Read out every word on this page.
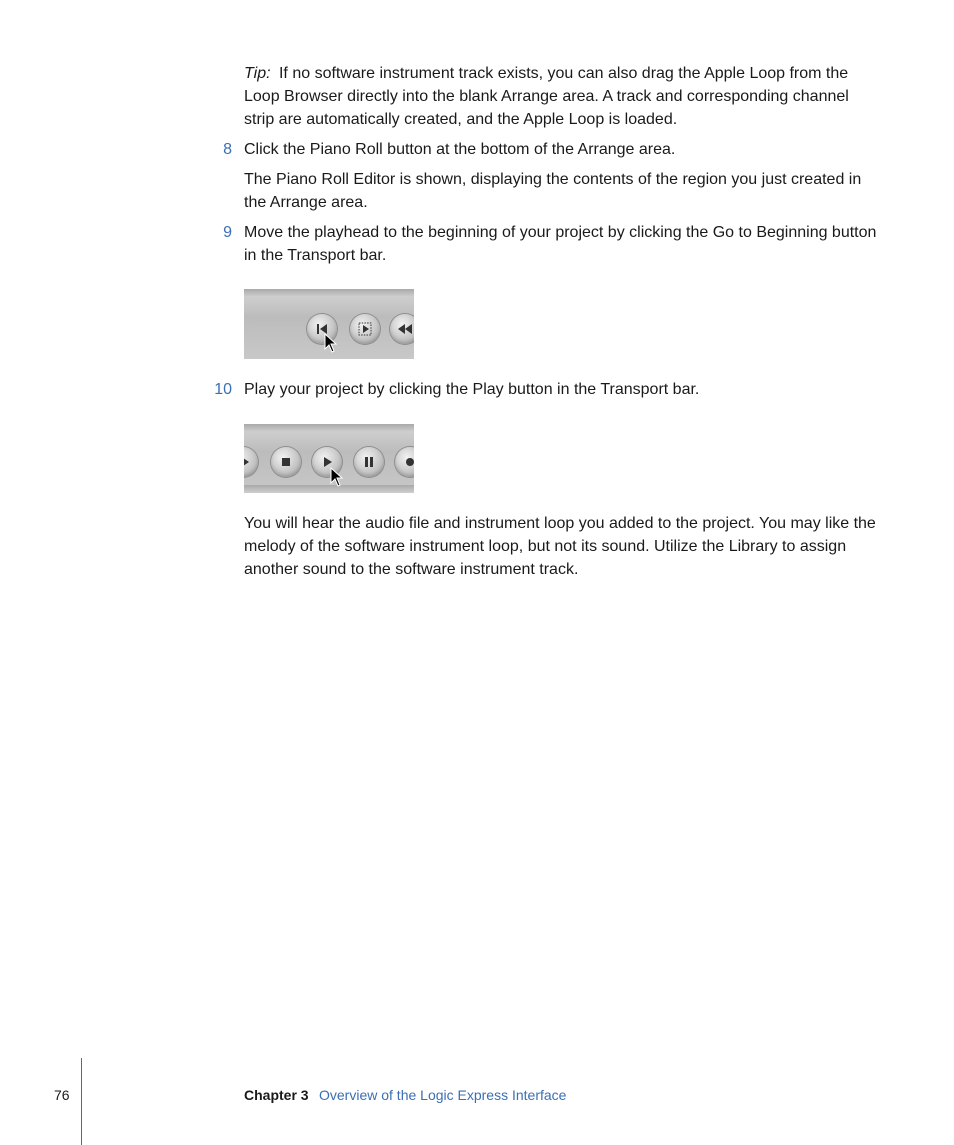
Tip: If no software instrument track exists, you can also drag the Apple Loop from the Loop Browser directly into the blank Arrange area. A track and corresponding channel strip are automatically created, and the Apple Loop is loaded.

8 Click the Piano Roll button at the bottom of the Arrange area.

The Piano Roll Editor is shown, displaying the contents of the region you just created in the Arrange area.

9 Move the playhead to the beginning of your project by clicking the Go to Beginning button in the Transport bar.

10 Play your project by clicking the Play button in the Transport bar.

You will hear the audio file and instrument loop you added to the project. You may like the melody of the software instrument loop, but not its sound. Utilize the Library to assign another sound to the software instrument track.

76	Chapter 3 Overview of the Logic Express Interface
